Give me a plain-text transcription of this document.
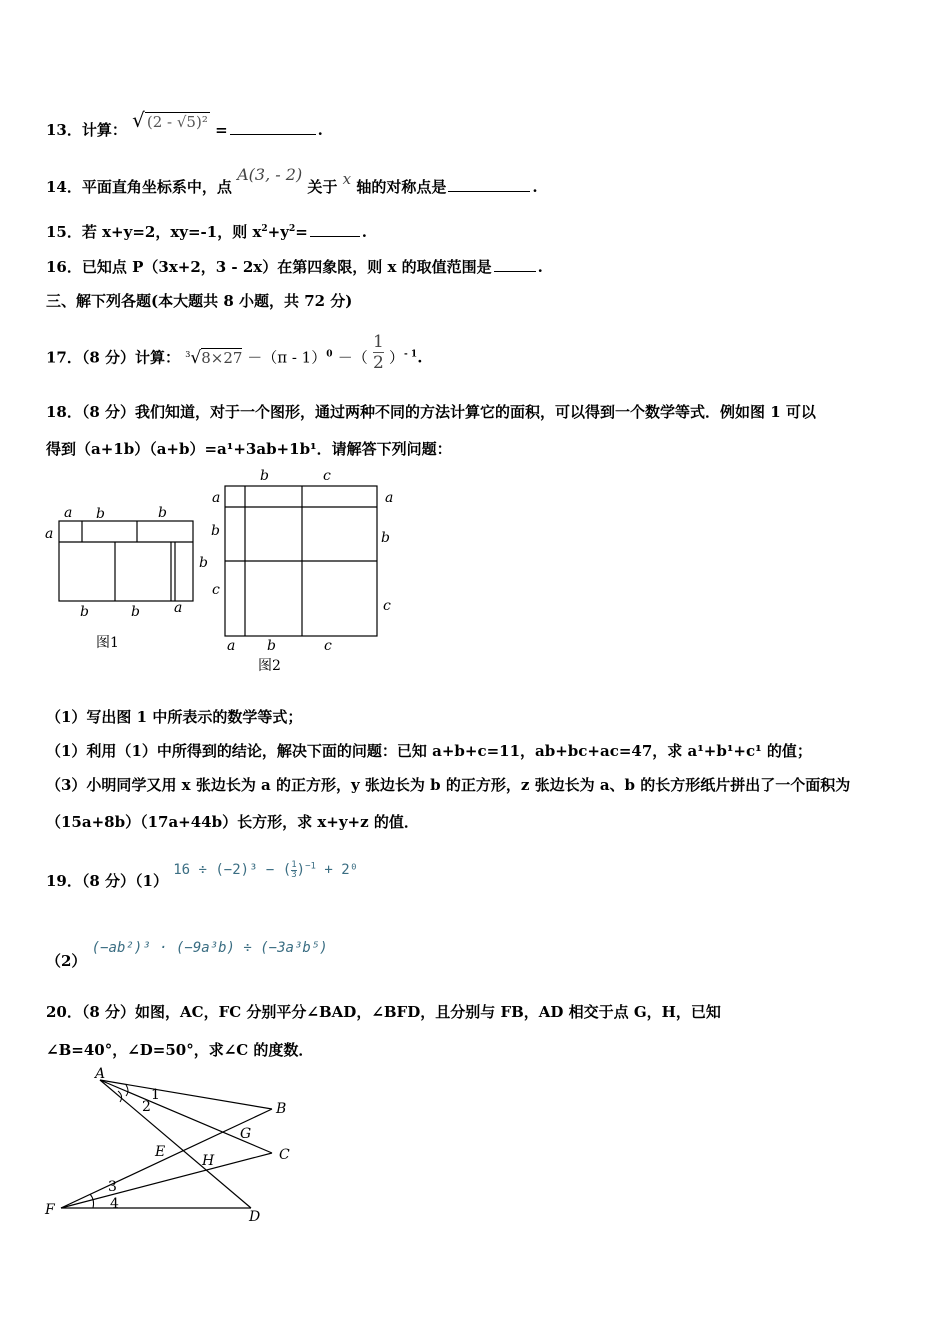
13．计算： √ (2 - √5)² =	.
14．平面直角坐标系中，点 A(3, - 2) 关于 x 轴的对称点是	.
15．若 x+y=2，xy=-1，则 $x^2+y^2=$	.
16．已知点 P（3x+2，3 - 2x）在第四象限，则 x 的取值范围是	.
三、解下列各题(本大题共 8 小题，共 72 分)
17．（8 分）计算： $^3$√8×27 －（π - 1）$^0$ －（ $\frac{1}{2} )^{- 1}$.
18．（8 分）我们知道，对于一个图形，通过两种不同的方法计算它的面积，可以得到一个数学等式．例如图 1 可以
得到（a+1b）（a+b）=a¹+3ab+1b¹．请解答下列问题：
a b	b
a
b
b	b a
图1
b	c
a
b
c
a
b
c
a b	c
图2
（1）写出图 1 中所表示的数学等式；
（1）利用（1）中所得到的结论，解决下面的问题：已知 a+b+c=11，ab+bc+ac=47，求 a¹+b¹+c¹ 的值；
（3）小明同学又用 x 张边长为 a 的正方形，y 张边长为 b 的正方形，z 张边长为 a、b 的长方形纸片拼出了一个面积为
（15a+8b）（17a+44b）长方形，求 x+y+z 的值．
19．（8 分）（1） 16 ÷ (−2)³ − ( $\frac{1}{3} )^{-1} + 2^0$
（2） (−ab²)³ · (−9a³b) ÷ (−3a³b⁵)
20．（8 分）如图，AC，FC 分别平分∠BAD，∠BFD，且分别与 FB，AD 相交于点 G，H，已知
∠B=40°，∠D=50°，求∠C 的度数．
A
B
C
D
E
F
G
H
1
2
3
4
